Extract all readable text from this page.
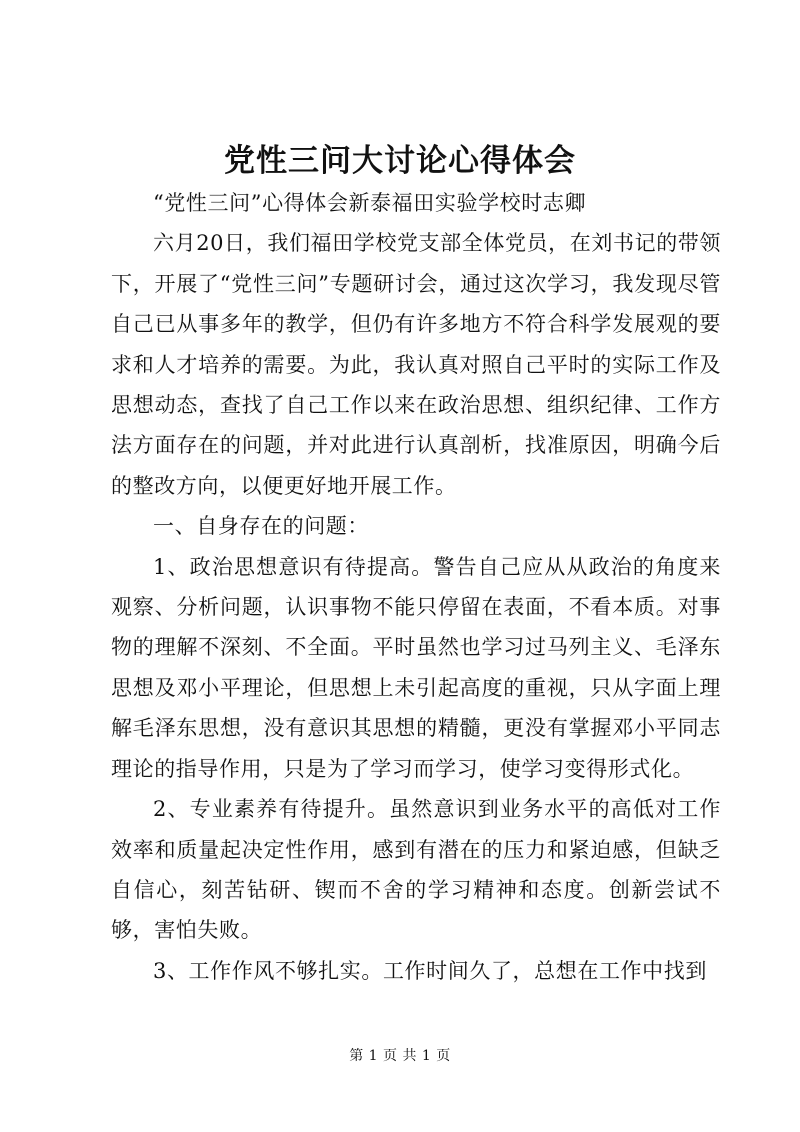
党性三问大讨论心得体会

“党性三问”心得体会新泰福田实验学校时志卿

六月20日，我们福田学校党支部全体党员，在刘书记的带领下，开展了“党性三问”专题研讨会，通过这次学习，我发现尽管自己已从事多年的教学，但仍有许多地方不符合科学发展观的要求和人才培养的需要。为此，我认真对照自己平时的实际工作及思想动态，查找了自己工作以来在政治思想、组织纪律、工作方法方面存在的问题，并对此进行认真剖析，找准原因，明确今后的整改方向，以便更好地开展工作。

一、自身存在的问题：

1、政治思想意识有待提高。警告自己应从从政治的角度来观察、分析问题，认识事物不能只停留在表面，不看本质。对事物的理解不深刻、不全面。平时虽然也学习过马列主义、毛泽东思想及邓小平理论，但思想上未引起高度的重视，只从字面上理解毛泽东思想，没有意识其思想的精髓，更没有掌握邓小平同志理论的指导作用，只是为了学习而学习，使学习变得形式化。

2、专业素养有待提升。虽然意识到业务水平的高低对工作效率和质量起决定性作用，感到有潜在的压力和紧迫感，但缺乏自信心，刻苦钻研、锲而不舍的学习精神和态度。创新尝试不够，害怕失败。

3、工作作风不够扎实。工作时间久了，总想在工作中找到

第 1 页 共 1 页
